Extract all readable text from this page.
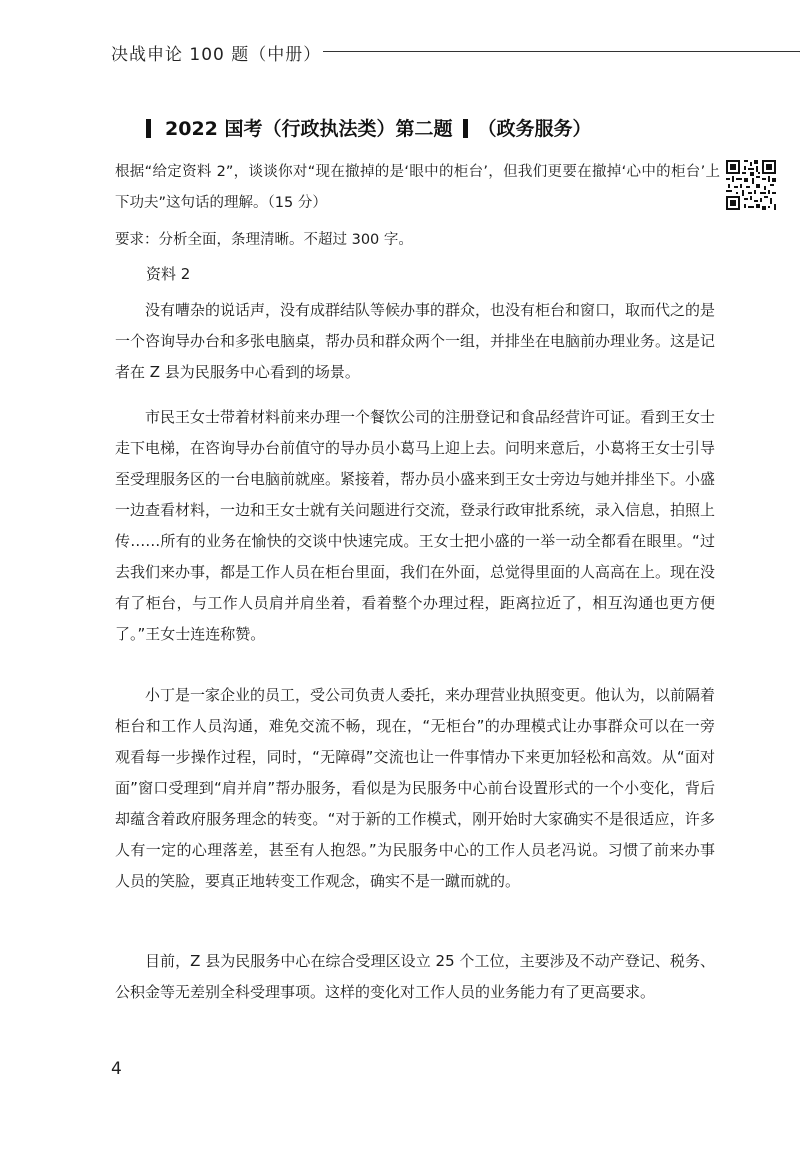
决战申论 100 题（中册）
2022 国考（行政执法类）第二题 （政务服务）
根据“给定资料 2”，谈谈你对“现在撤掉的是‘眼中的柜台’，但我们更要在撤掉‘心中的柜台’上下功夫”这句话的理解。（15 分）
要求：分析全面，条理清晰。不超过 300 字。
资料 2

没有嘈杂的说话声，没有成群结队等候办事的群众，也没有柜台和窗口，取而代之的是一个咨询导办台和多张电脑桌，帮办员和群众两个一组，并排坐在电脑前办理业务。这是记者在 Z 县为民服务中心看到的场景。

市民王女士带着材料前来办理一个餐饮公司的注册登记和食品经营许可证。看到王女士走下电梯，在咨询导办台前值守的导办员小葛马上迎上去。问明来意后，小葛将王女士引导至受理服务区的一台电脑前就座。紧接着，帮办员小盛来到王女士旁边与她并排坐下。小盛一边查看材料，一边和王女士就有关问题进行交流，登录行政审批系统，录入信息，拍照上传……所有的业务在愉快的交谈中快速完成。王女士把小盛的一举一动全都看在眼里。“过去我们来办事，都是工作人员在柜台里面，我们在外面，总觉得里面的人高高在上。现在没有了柜台，与工作人员肩并肩坐着，看着整个办理过程，距离拉近了，相互沟通也更方便了。”王女士连连称赞。

小丁是一家企业的员工，受公司负责人委托，来办理营业执照变更。他认为，以前隔着柜台和工作人员沟通，难免交流不畅，现在，“无柜台”的办理模式让办事群众可以在一旁观看每一步操作过程，同时，“无障碍”交流也让一件事情办下来更加轻松和高效。从“面对面”窗口受理到“肩并肩”帮办服务，看似是为民服务中心前台设置形式的一个小变化，背后却蕴含着政府服务理念的转变。“对于新的工作模式，刚开始时大家确实不是很适应，许多人有一定的心理落差，甚至有人抱怨。”为民服务中心的工作人员老冯说。习惯了前来办事人员的笑脸，要真正地转变工作观念，确实不是一蹴而就的。

目前，Z 县为民服务中心在综合受理区设立 25 个工位，主要涉及不动产登记、税务、公积金等无差别全科受理事项。这样的变化对工作人员的业务能力有了更高要求。

4
